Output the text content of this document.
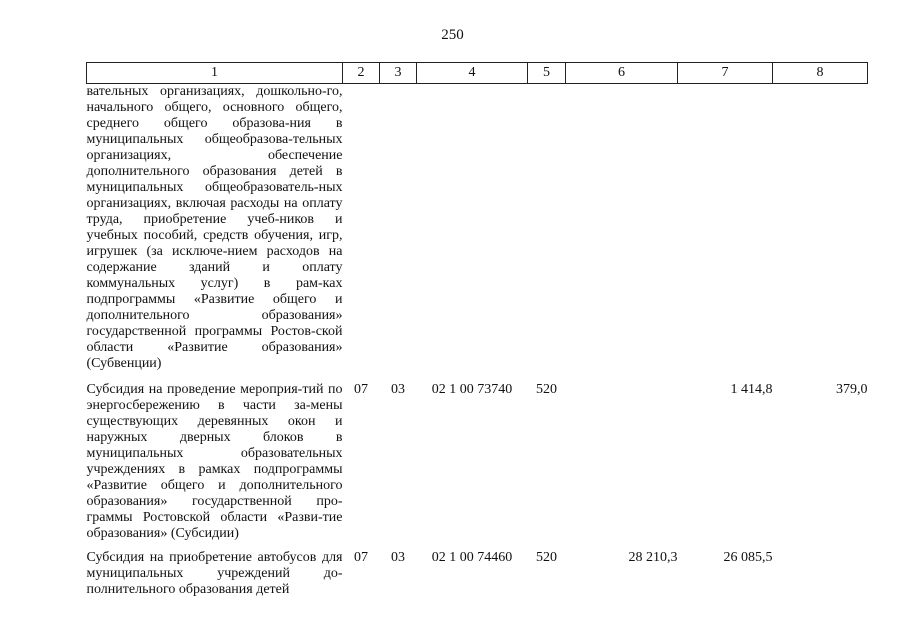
250
1	2	3	4	5	6	7	8
вательных организациях, дошкольно-го, начального общего, основного общего, среднего общего образова-ния в муниципальных общеобразова-тельных организациях, обеспечение дополнительного образования детей в муниципальных общеобразователь-ных организациях, включая расходы на оплату труда, приобретение учеб-ников и учебных пособий, средств обучения, игр, игрушек (за исключе-нием расходов на содержание зданий и оплату коммунальных услуг) в рам-ках подпрограммы «Развитие общего и дополнительного образования» государственной программы Ростов-ской области «Развитие образования» (Субвенции)							
Субсидия на проведение мероприя-тий по энергосбережению в части за-мены существующих деревянных окон и наружных дверных блоков в муниципальных образовательных учреждениях в рамках подпрограммы «Развитие общего и дополнительного образования» государственной про-граммы Ростовской области «Разви-тие образования» (Субсидии)	07	03	02 1 00 73740	520		1 414,8	379,0
Субсидия на приобретение автобусов для муниципальных учреждений до-полнительного образования детей	07	03	02 1 00 74460	520	28 210,3	26 085,5	
